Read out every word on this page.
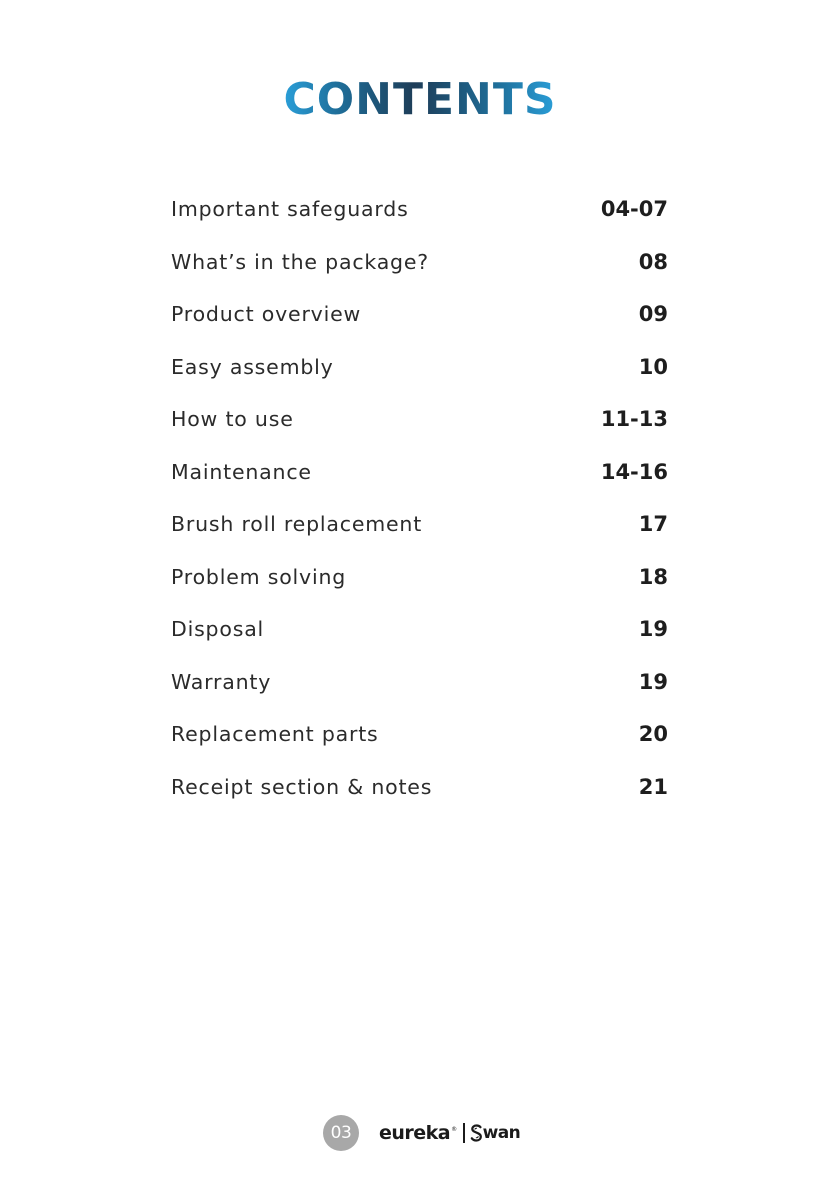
CONTENTS
Important safeguards	04-07
What’s in the package?	08
Product overview	09
Easy assembly	10
How to use	11-13
Maintenance	14-16
Brush roll replacement	17
Problem solving	18
Disposal	19
Warranty	19
Replacement parts	20
Receipt section & notes	21
03	eureka ® wan
